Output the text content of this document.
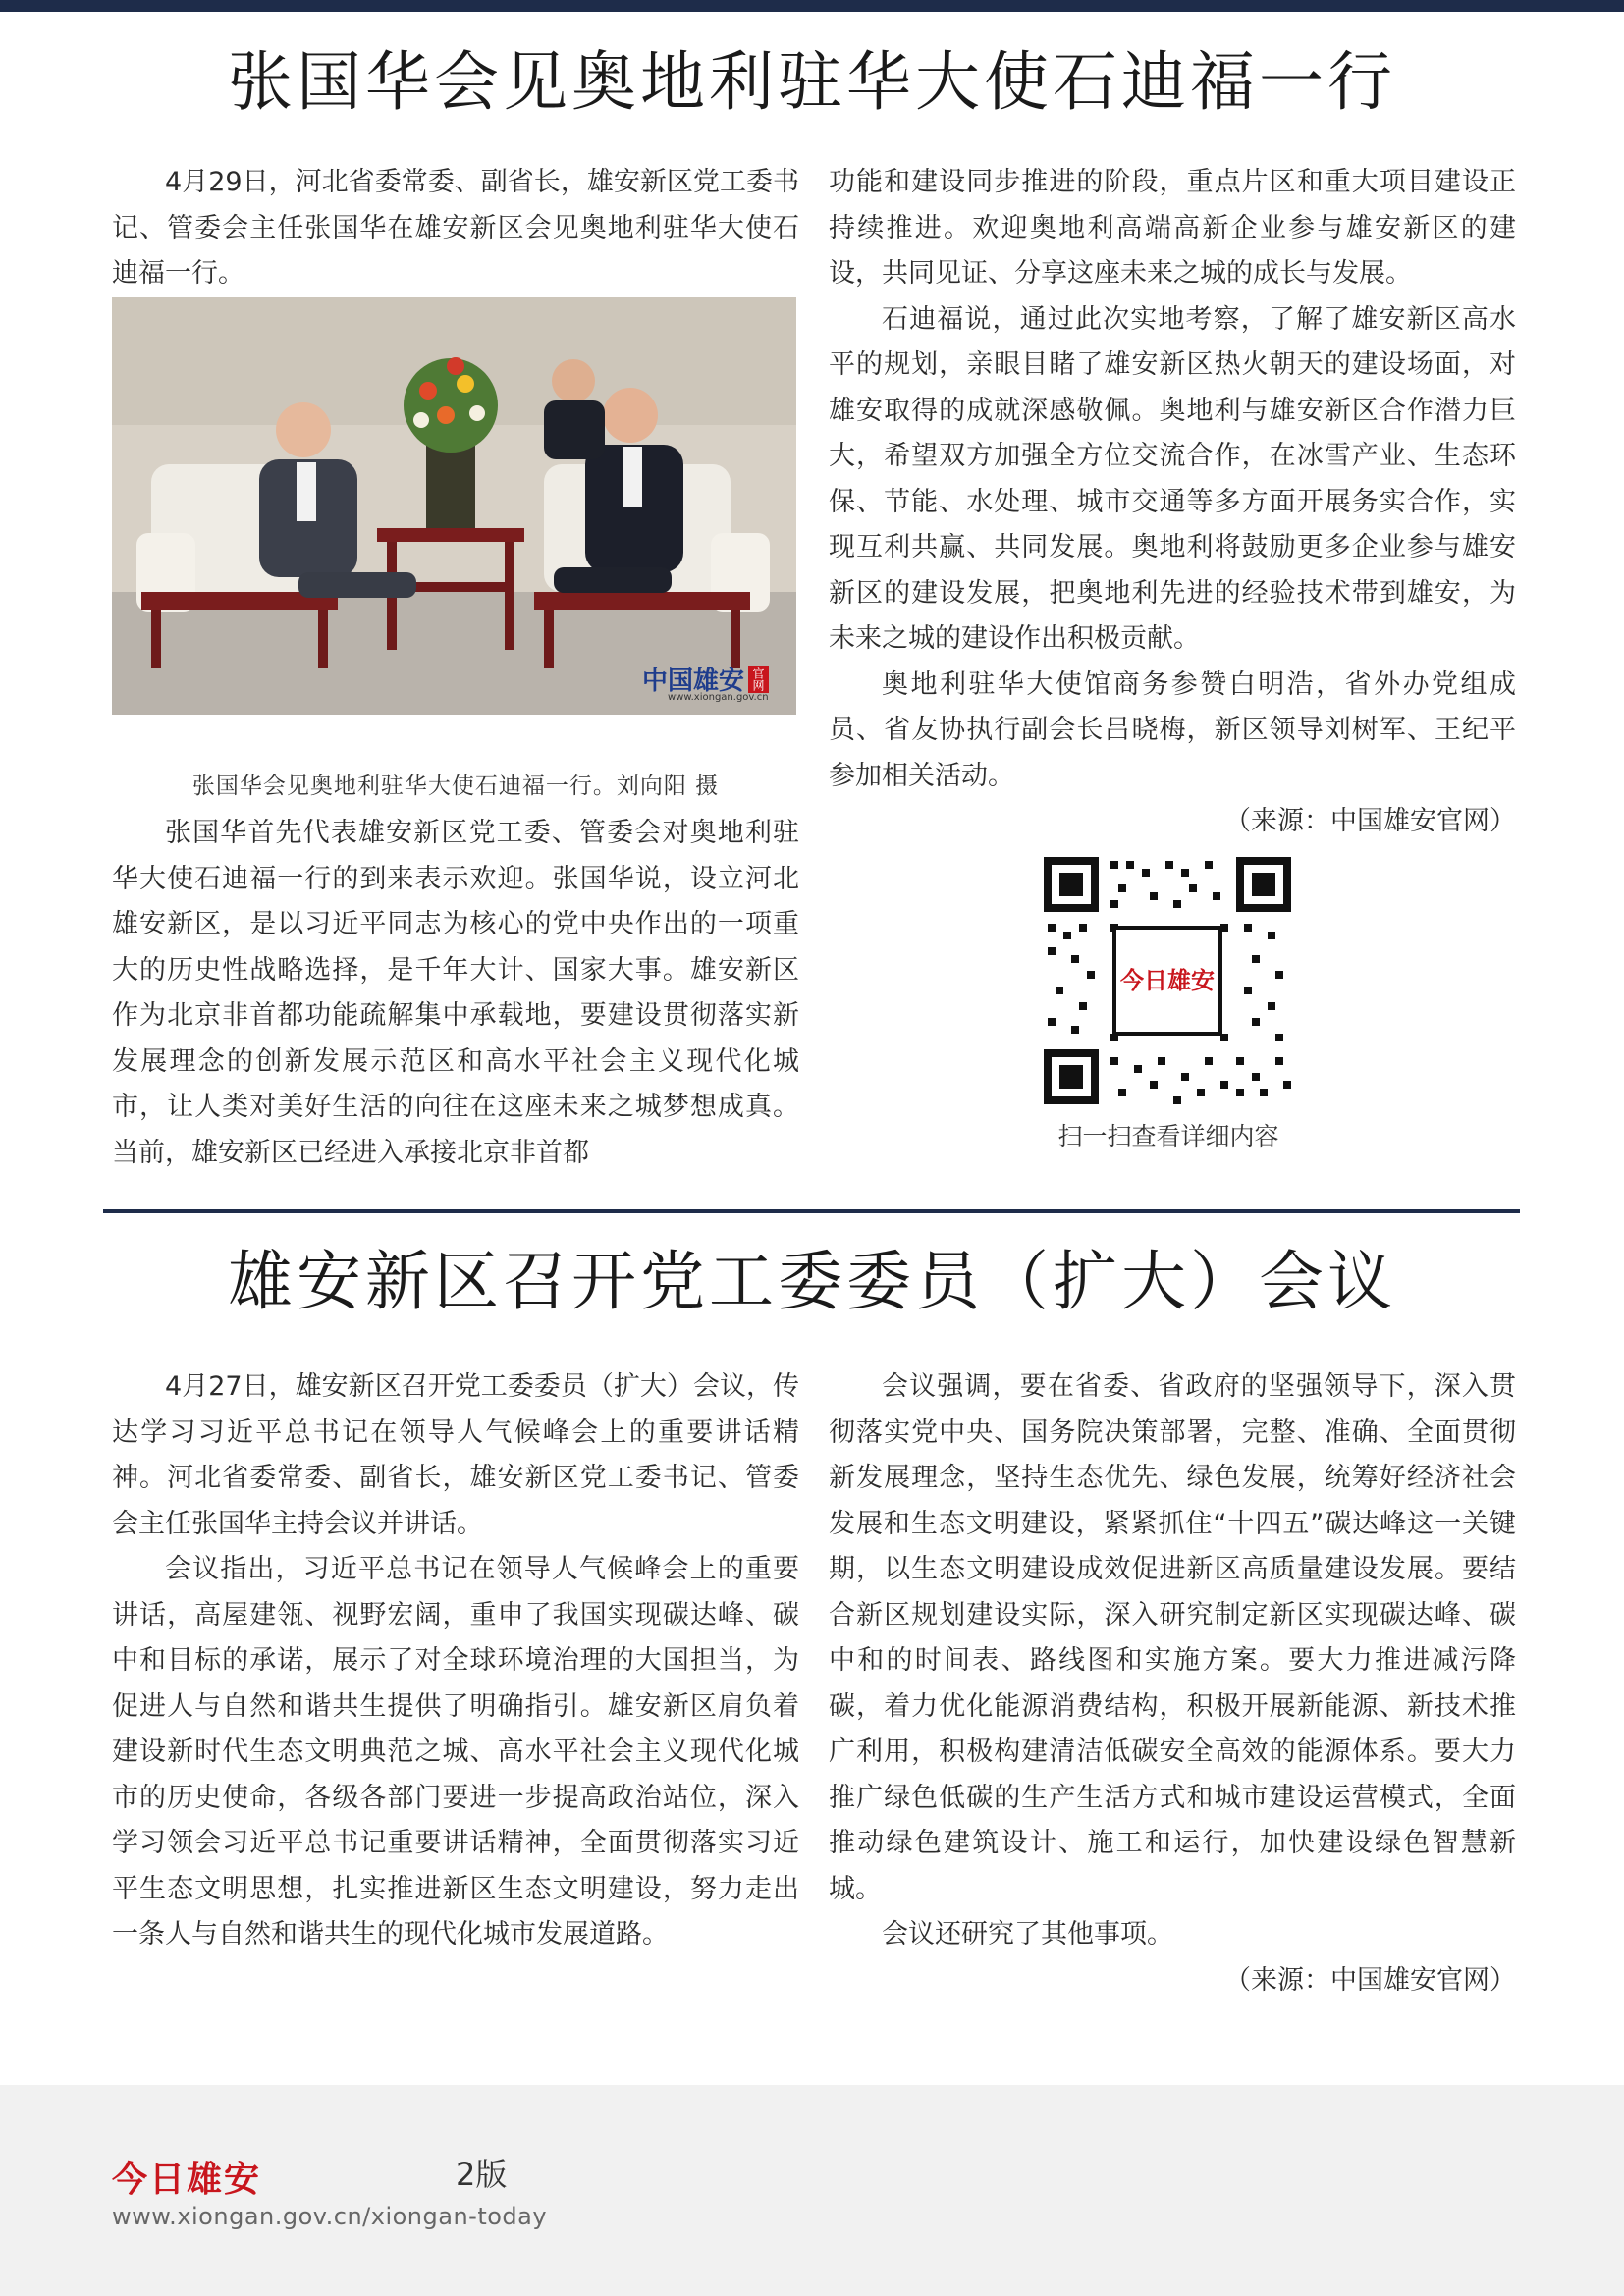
张国华会见奥地利驻华大使石迪福一行

4月29日，河北省委常委、副省长，雄安新区党工委书记、管委会主任张国华在雄安新区会见奥地利驻华大使石迪福一行。

中国雄安 官网
www.xiongan.gov.cn
张国华会见奥地利驻华大使石迪福一行。刘向阳 摄

张国华首先代表雄安新区党工委、管委会对奥地利驻华大使石迪福一行的到来表示欢迎。张国华说，设立河北雄安新区，是以习近平同志为核心的党中央作出的一项重大的历史性战略选择，是千年大计、国家大事。雄安新区作为北京非首都功能疏解集中承载地，要建设贯彻落实新发展理念的创新发展示范区和高水平社会主义现代化城市，让人类对美好生活的向往在这座未来之城梦想成真。当前，雄安新区已经进入承接北京非首都

功能和建设同步推进的阶段，重点片区和重大项目建设正持续推进。欢迎奥地利高端高新企业参与雄安新区的建设，共同见证、分享这座未来之城的成长与发展。

石迪福说，通过此次实地考察，了解了雄安新区高水平的规划，亲眼目睹了雄安新区热火朝天的建设场面，对雄安取得的成就深感敬佩。奥地利与雄安新区合作潜力巨大，希望双方加强全方位交流合作，在冰雪产业、生态环保、节能、水处理、城市交通等多方面开展务实合作，实现互利共赢、共同发展。奥地利将鼓励更多企业参与雄安新区的建设发展，把奥地利先进的经验技术带到雄安，为未来之城的建设作出积极贡献。

奥地利驻华大使馆商务参赞白明浩，省外办党组成员、省友协执行副会长吕晓梅，新区领导刘树军、王纪平参加相关活动。

（来源：中国雄安官网）

今日雄安
扫一扫查看详细内容
雄安新区召开党工委委员（扩大）会议

4月27日，雄安新区召开党工委委员（扩大）会议，传达学习习近平总书记在领导人气候峰会上的重要讲话精神。河北省委常委、副省长，雄安新区党工委书记、管委会主任张国华主持会议并讲话。

会议指出，习近平总书记在领导人气候峰会上的重要讲话，高屋建瓴、视野宏阔，重申了我国实现碳达峰、碳中和目标的承诺，展示了对全球环境治理的大国担当，为促进人与自然和谐共生提供了明确指引。雄安新区肩负着建设新时代生态文明典范之城、高水平社会主义现代化城市的历史使命，各级各部门要进一步提高政治站位，深入学习领会习近平总书记重要讲话精神，全面贯彻落实习近平生态文明思想，扎实推进新区生态文明建设，努力走出一条人与自然和谐共生的现代化城市发展道路。

会议强调，要在省委、省政府的坚强领导下，深入贯彻落实党中央、国务院决策部署，完整、准确、全面贯彻新发展理念，坚持生态优先、绿色发展，统筹好经济社会发展和生态文明建设，紧紧抓住“十四五”碳达峰这一关键期，以生态文明建设成效促进新区高质量建设发展。要结合新区规划建设实际，深入研究制定新区实现碳达峰、碳中和的时间表、路线图和实施方案。要大力推进减污降碳，着力优化能源消费结构，积极开展新能源、新技术推广利用，积极构建清洁低碳安全高效的能源体系。要大力推广绿色低碳的生产生活方式和城市建设运营模式，全面推动绿色建筑设计、施工和运行，加快建设绿色智慧新城。

会议还研究了其他事项。

（来源：中国雄安官网）

今日雄安	2版
www.xiongan.gov.cn/xiongan-today
